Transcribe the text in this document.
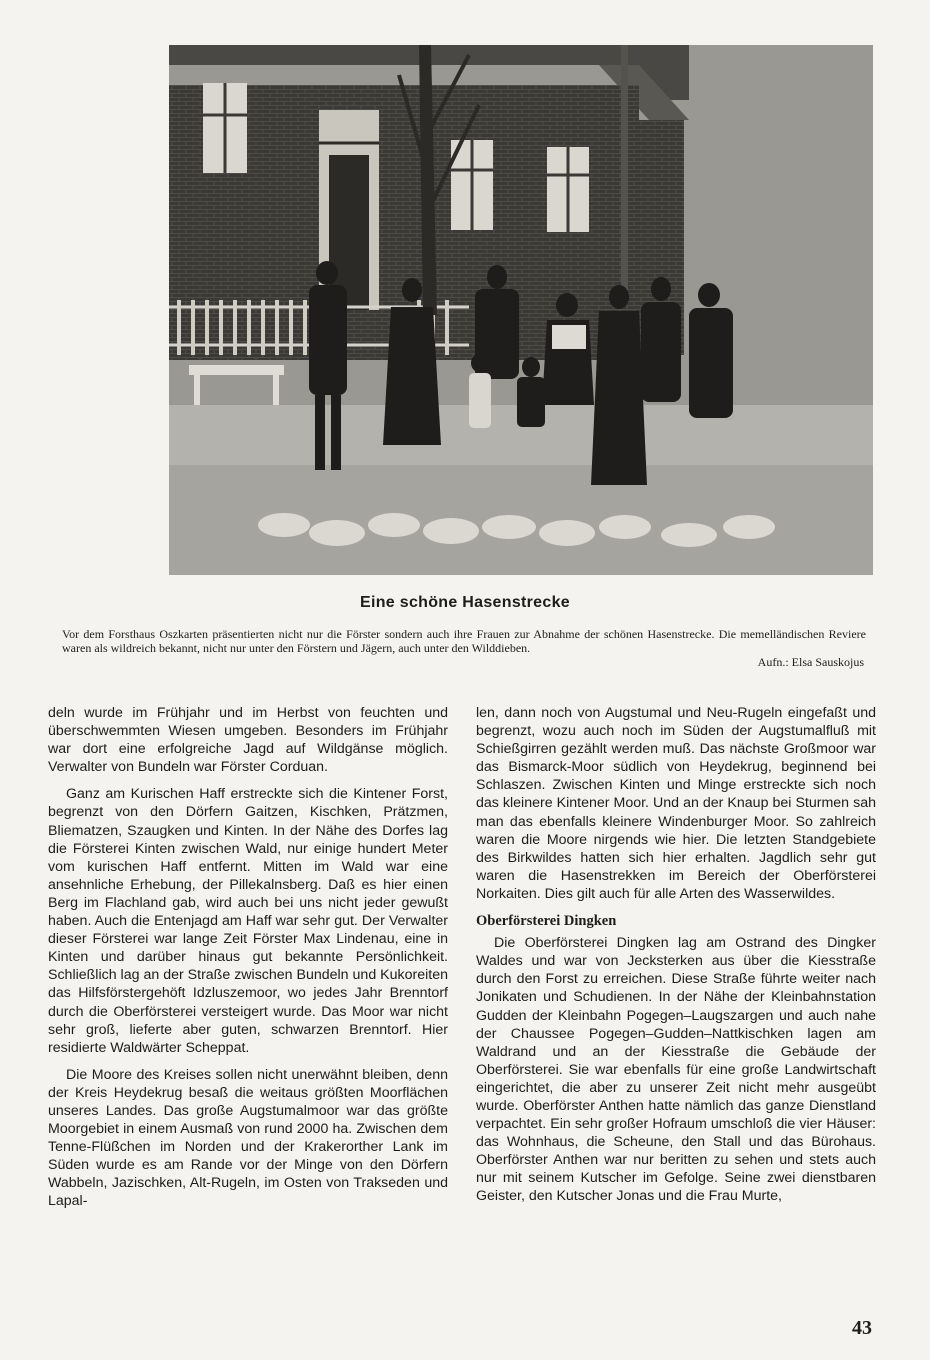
Eine schöne Hasenstrecke

Vor dem Forsthaus Oszkarten präsentierten nicht nur die Förster sondern auch ihre Frauen zur Abnahme der schönen Hasenstrecke. Die memelländischen Reviere waren als wildreich bekannt, nicht nur unter den Förstern und Jägern, auch unter den Wilddieben.

Aufn.: Elsa Sauskojus

deln wurde im Frühjahr und im Herbst von feuchten und überschwemmten Wiesen umgeben. Besonders im Frühjahr war dort eine erfolgreiche Jagd auf Wildgänse möglich. Verwalter von Bundeln war Förster Corduan.

Ganz am Kurischen Haff erstreckte sich die Kintener Forst, begrenzt von den Dörfern Gaitzen, Kischken, Prätzmen, Bliematzen, Szaugken und Kinten. In der Nähe des Dorfes lag die Försterei Kinten zwischen Wald, nur einige hundert Meter vom kurischen Haff entfernt. Mitten im Wald war eine ansehnliche Erhebung, der Pillekalnsberg. Daß es hier einen Berg im Flachland gab, wird auch bei uns nicht jeder gewußt haben. Auch die Entenjagd am Haff war sehr gut. Der Verwalter dieser Försterei war lange Zeit Förster Max Lindenau, eine in Kinten und darüber hinaus gut bekannte Persönlichkeit. Schließlich lag an der Straße zwischen Bundeln und Kukoreiten das Hilfsförstergehöft Idzluszemoor, wo jedes Jahr Brenntorf durch die Oberförsterei versteigert wurde. Das Moor war nicht sehr groß, lieferte aber guten, schwarzen Brenntorf. Hier residierte Waldwärter Scheppat.

Die Moore des Kreises sollen nicht unerwähnt bleiben, denn der Kreis Heydekrug besaß die weitaus größten Moorflächen unseres Landes. Das große Augstumalmoor war das größte Moorgebiet in einem Ausmaß von rund 2000 ha. Zwischen dem Tenne-Flüßchen im Norden und der Krakerorther Lank im Süden wurde es am Rande vor der Minge von den Dörfern Wabbeln, Jazischken, Alt-Rugeln, im Osten von Trakseden und Lapal-

len, dann noch von Augstumal und Neu-Rugeln eingefaßt und begrenzt, wozu auch noch im Süden der Augstumalfluß mit Schießgirren gezählt werden muß. Das nächste Großmoor war das Bismarck-Moor südlich von Heydekrug, beginnend bei Schlaszen. Zwischen Kinten und Minge erstreckte sich noch das kleinere Kintener Moor. Und an der Knaup bei Sturmen sah man das ebenfalls kleinere Windenburger Moor. So zahlreich waren die Moore nirgends wie hier. Die letzten Standgebiete des Birkwildes hatten sich hier erhalten. Jagdlich sehr gut waren die Hasenstrekken im Bereich der Oberförsterei Norkaiten. Dies gilt auch für alle Arten des Wasserwildes.

Oberförsterei Dingken

Die Oberförsterei Dingken lag am Ostrand des Dingker Waldes und war von Jecksterken aus über die Kiesstraße durch den Forst zu erreichen. Diese Straße führte weiter nach Jonikaten und Schudienen. In der Nähe der Kleinbahnstation Gudden der Kleinbahn Pogegen–Laugszargen und auch nahe der Chaussee Pogegen–Gudden–Nattkischken lagen am Waldrand und an der Kiesstraße die Gebäude der Oberförsterei. Sie war ebenfalls für eine große Landwirtschaft eingerichtet, die aber zu unserer Zeit nicht mehr ausgeübt wurde. Oberförster Anthen hatte nämlich das ganze Dienstland verpachtet. Ein sehr großer Hofraum umschloß die vier Häuser: das Wohnhaus, die Scheune, den Stall und das Bürohaus. Oberförster Anthen war nur beritten zu sehen und stets auch nur mit seinem Kutscher im Gefolge. Seine zwei dienstbaren Geister, den Kutscher Jonas und die Frau Murte,

43
